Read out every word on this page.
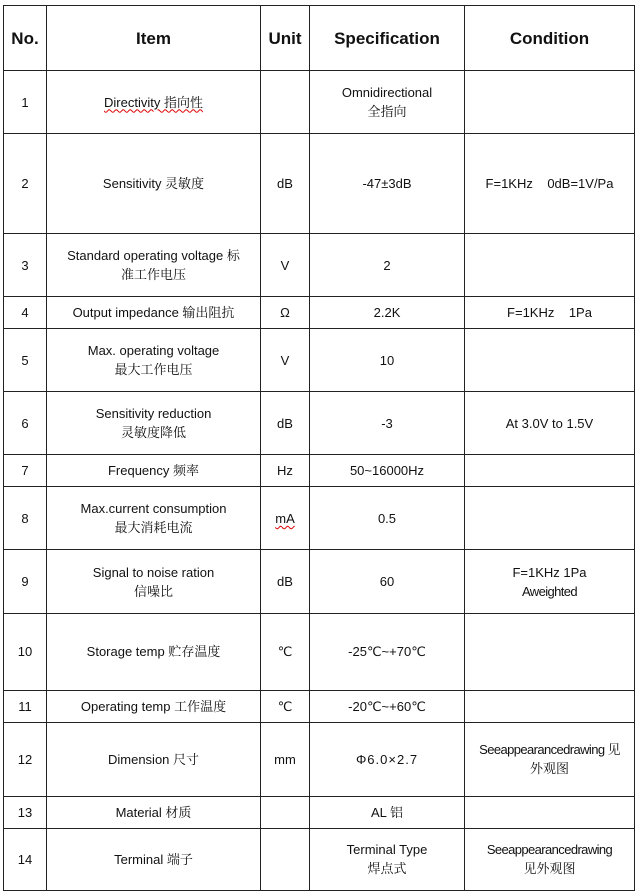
No.	Item	Unit	Specification	Condition
1	Directivity 指向性		Omnidirectional
全指向	

2	Sensitivity 灵敏度	dB	-47±3dB	F=1KHz    0dB=1V/Pa
3	Standard operating voltage 标
准工作电压	V	2	
4	Output impedance 输出阻抗	Ω	2.2K	F=1KHz    1Pa
5	Max. operating voltage
最大工作电压	V	10	
6	Sensitivity reduction
灵敏度降低	dB	-3	At 3.0V to 1.5V
7	Frequency 频率	Hz	50~16000Hz	
8	Max.current consumption
最大消耗电流	mA	0.5	
9	Signal to noise ration
信噪比	dB	60	F=1KHz 1Pa
Aweighted

10	Storage temp 贮存温度	℃	-25℃~+70℃	
11	Operating temp 工作温度	℃	-20℃~+60℃	
12	Dimension 尺寸	mm	Φ6.0×2.7	Seeappearancedrawing 见
外观图

13	Material 材质		AL 铝	
14	Terminal 端子		Terminal Type
焊点式	Seeappearancedrawing
见外观图
